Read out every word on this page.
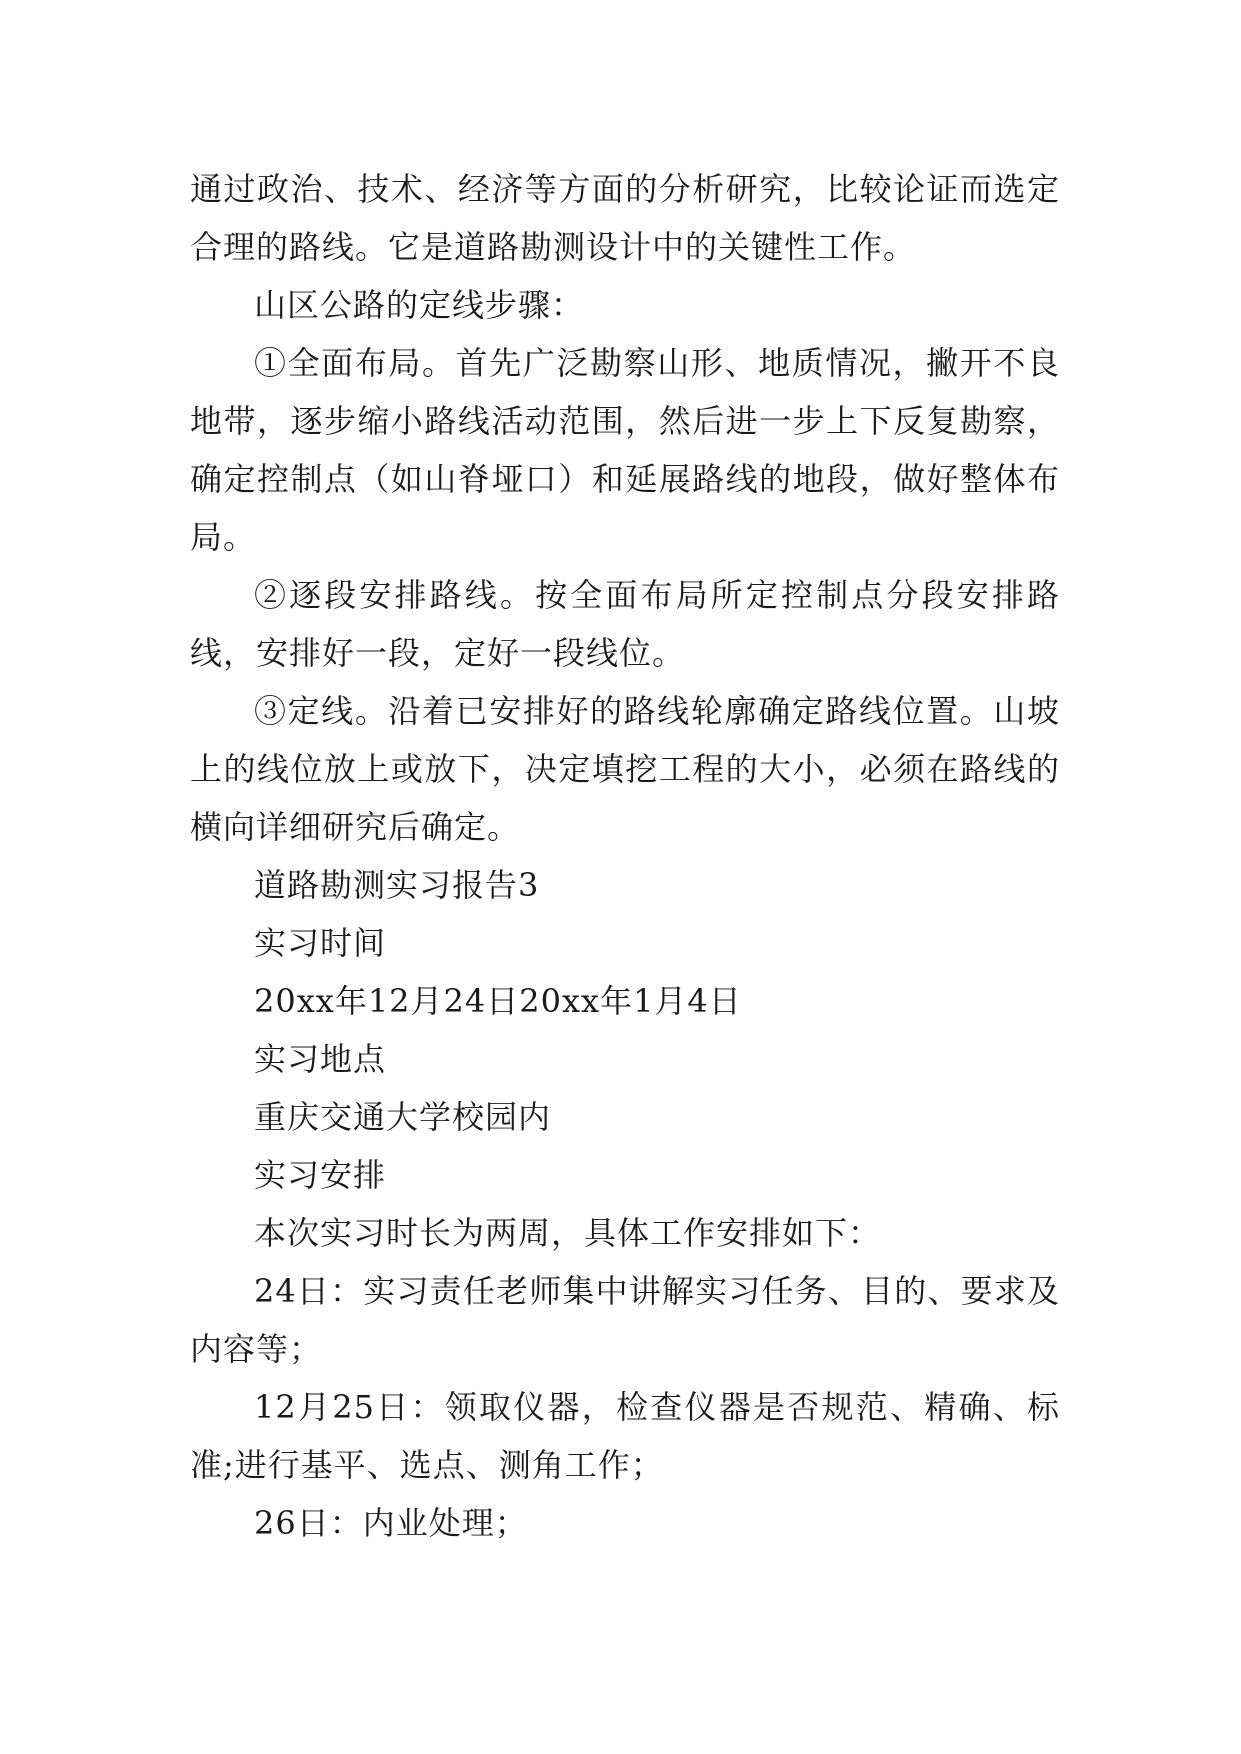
通过政治、技术、经济等方面的分析研究，比较论证而选定合理的路线。它是道路勘测设计中的关键性工作。

山区公路的定线步骤：

①全面布局。首先广泛勘察山形、地质情况，撇开不良地带，逐步缩小路线活动范围，然后进一步上下反复勘察，确定控制点（如山脊垭口）和延展路线的地段，做好整体布局。

②逐段安排路线。按全面布局所定控制点分段安排路线，安排好一段，定好一段线位。

③定线。沿着已安排好的路线轮廓确定路线位置。山坡上的线位放上或放下，决定填挖工程的大小，必须在路线的横向详细研究后确定。

道路勘测实习报告3

实习时间

20xx年12月24日20xx年1月4日

实习地点

重庆交通大学校园内

实习安排

本次实习时长为两周，具体工作安排如下：

24日：实习责任老师集中讲解实习任务、目的、要求及内容等；

12月25日：领取仪器，检查仪器是否规范、精确、标准;进行基平、选点、测角工作；

26日：内业处理；
